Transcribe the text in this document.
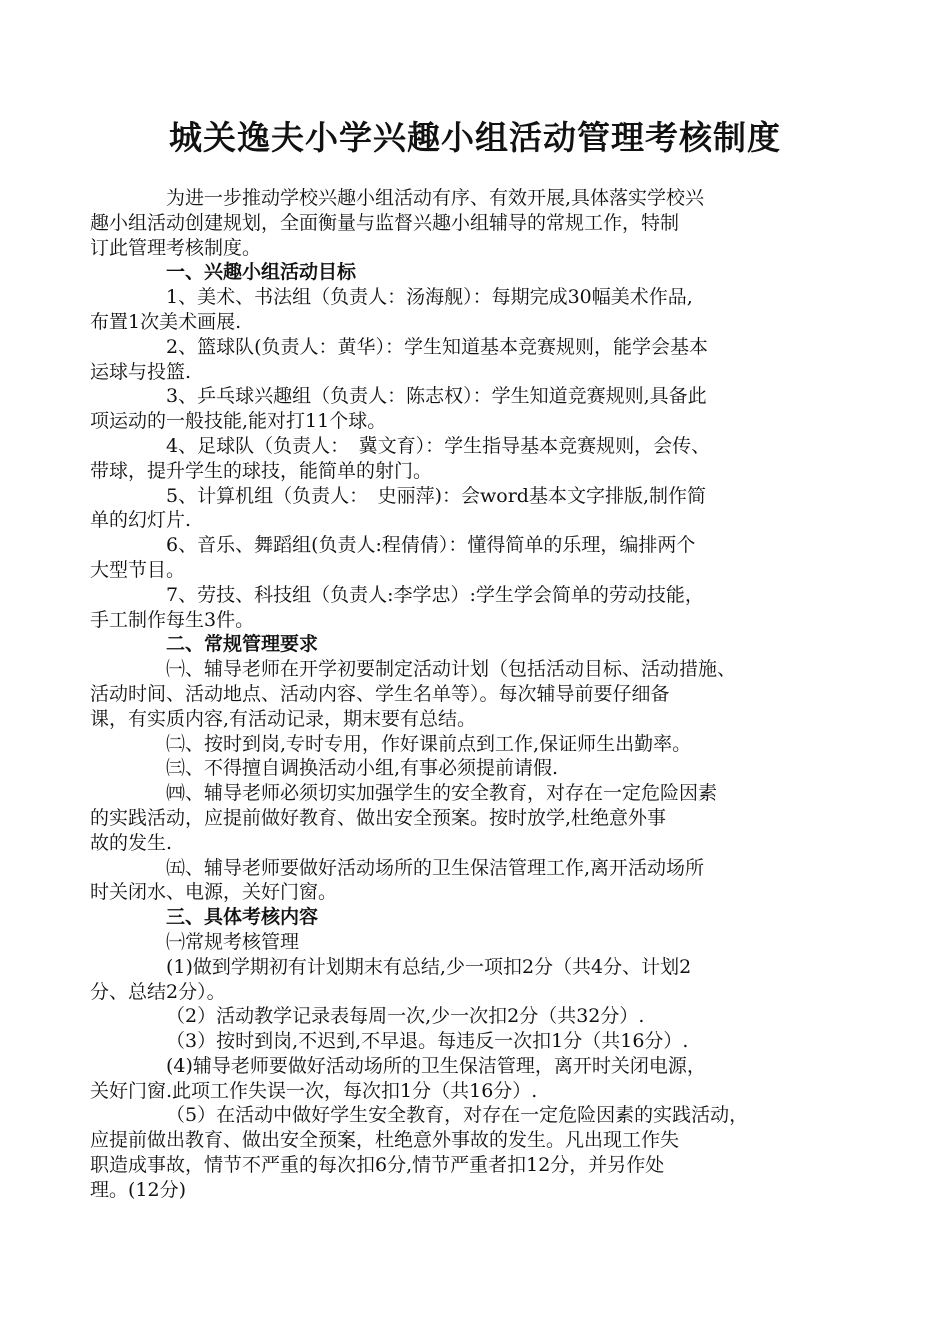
城关逸夫小学兴趣小组活动管理考核制度
为进一步推动学校兴趣小组活动有序、有效开展,具体落实学校兴
趣小组活动创建规划，全面衡量与监督兴趣小组辅导的常规工作，特制
订此管理考核制度。
一、兴趣小组活动目标
1、美术、书法组（负责人：汤海舰）：每期完成30幅美术作品,
布置1次美术画展.
2、篮球队(负责人：黄华）：学生知道基本竞赛规则，能学会基本
运球与投篮.
3、乒乓球兴趣组（负责人：陈志权）：学生知道竞赛规则,具备此
项运动的一般技能,能对打11个球。
4、足球队（负责人：　冀文育）：学生指导基本竞赛规则，会传、
带球，提升学生的球技，能简单的射门。
5、计算机组（负责人：　史丽萍)：会word基本文字排版,制作简
单的幻灯片.
6、音乐、舞蹈组(负责人:程倩倩）：懂得简单的乐理，编排两个
大型节目。
7、劳技、科技组（负责人:李学忠）:学生学会简单的劳动技能，
手工制作每生3件。
二、常规管理要求
㈠、辅导老师在开学初要制定活动计划（包括活动目标、活动措施、
活动时间、活动地点、活动内容、学生名单等）。每次辅导前要仔细备
课，有实质内容,有活动记录，期末要有总结。
㈡、按时到岗,专时专用，作好课前点到工作,保证师生出勤率。
㈢、不得擅自调换活动小组,有事必须提前请假.
㈣、辅导老师必须切实加强学生的安全教育，对存在一定危险因素
的实践活动，应提前做好教育、做出安全预案。按时放学,杜绝意外事
故的发生.
㈤、辅导老师要做好活动场所的卫生保洁管理工作,离开活动场所
时关闭水、电源，关好门窗。
三、具体考核内容
㈠常规考核管理
(1)做到学期初有计划期末有总结,少一项扣2分（共4分、计划2
分、总结2分）。
（2）活动教学记录表每周一次,少一次扣2分（共32分）.
（3）按时到岗,不迟到,不早退。每违反一次扣1分（共16分）.
(4)辅导老师要做好活动场所的卫生保洁管理，离开时关闭电源，
关好门窗.此项工作失误一次，每次扣1分（共16分）.
（5）在活动中做好学生安全教育，对存在一定危险因素的实践活动，
应提前做出教育、做出安全预案，杜绝意外事故的发生。凡出现工作失
职造成事故，情节不严重的每次扣6分,情节严重者扣12分，并另作处
理。(12分)
